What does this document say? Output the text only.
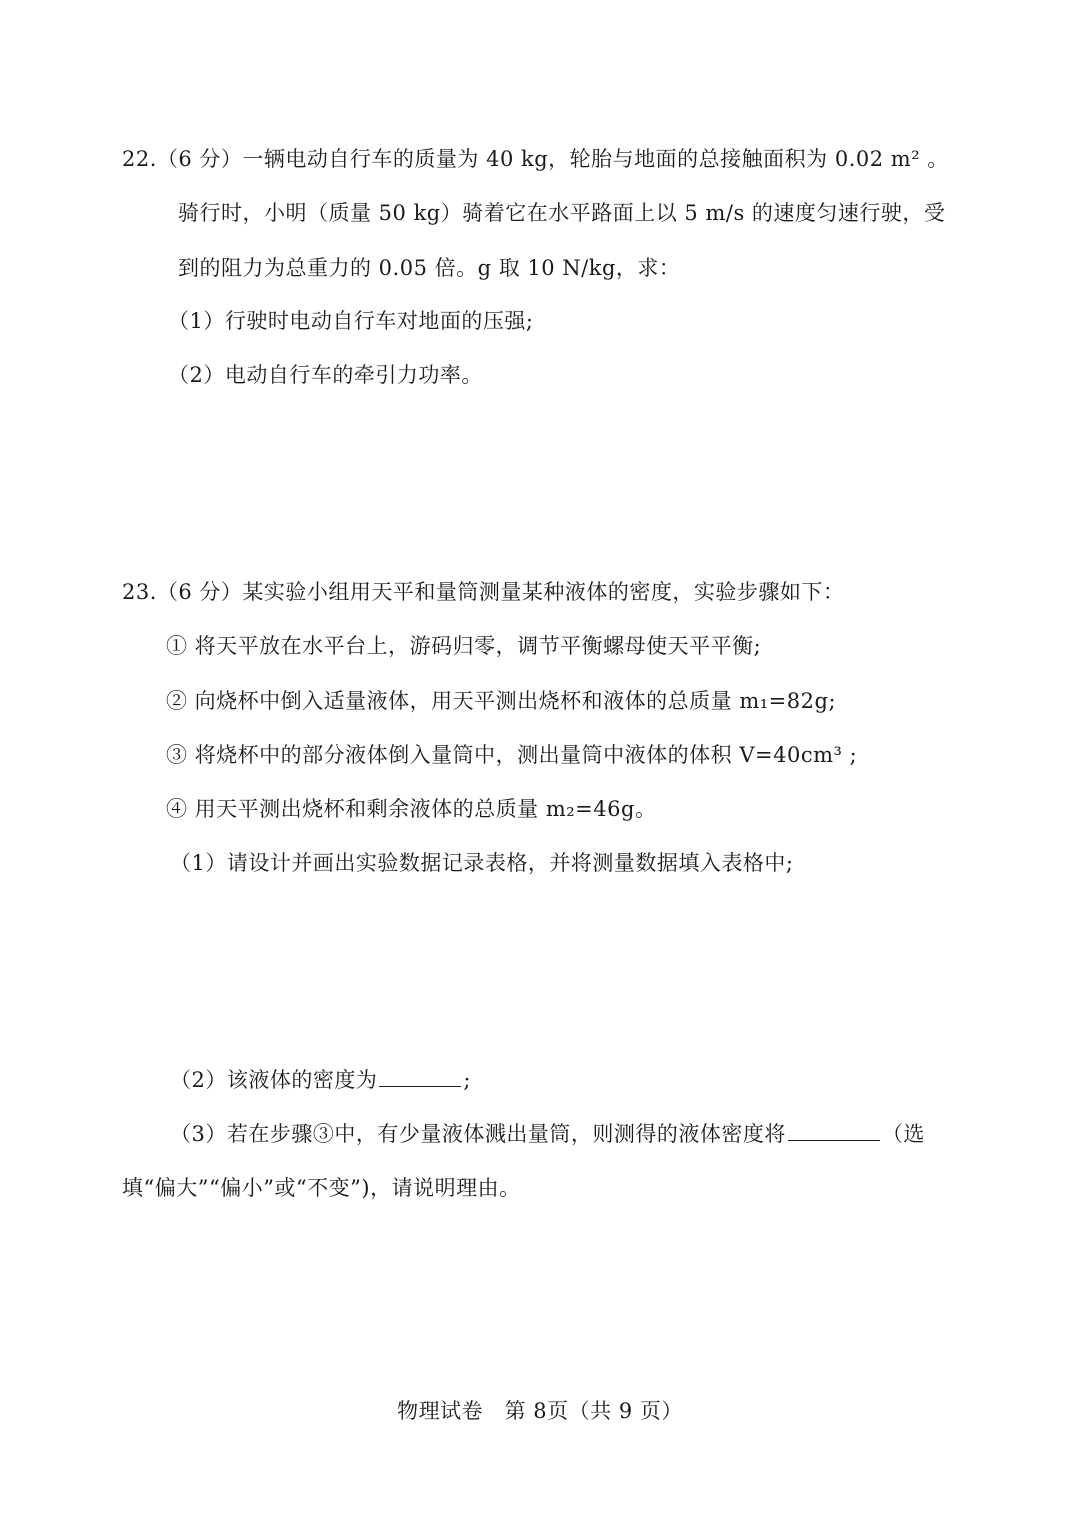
22.（6 分）一辆电动自行车的质量为 40 kg，轮胎与地面的总接触面积为 0.02 m² 。
骑行时，小明（质量 50 kg）骑着它在水平路面上以 5 m/s 的速度匀速行驶，受
到的阻力为总重力的 0.05 倍。g 取 10 N/kg，求：
（1）行驶时电动自行车对地面的压强;
（2）电动自行车的牵引力功率。
23.（6 分）某实验小组用天平和量筒测量某种液体的密度，实验步骤如下：
① 将天平放在水平台上，游码归零，调节平衡螺母使天平平衡;
② 向烧杯中倒入适量液体，用天平测出烧杯和液体的总质量 m₁=82g;
③ 将烧杯中的部分液体倒入量筒中，测出量筒中液体的体积 V=40cm³ ;
④ 用天平测出烧杯和剩余液体的总质量 m₂=46g。
（1）请设计并画出实验数据记录表格，并将测量数据填入表格中;
（2）该液体的密度为	;
（3）若在步骤③中，有少量液体溅出量筒，则测得的液体密度将	（选
填“偏大”“偏小”或“不变”)，请说明理由。
物理试卷　第 8页（共 9 页）
